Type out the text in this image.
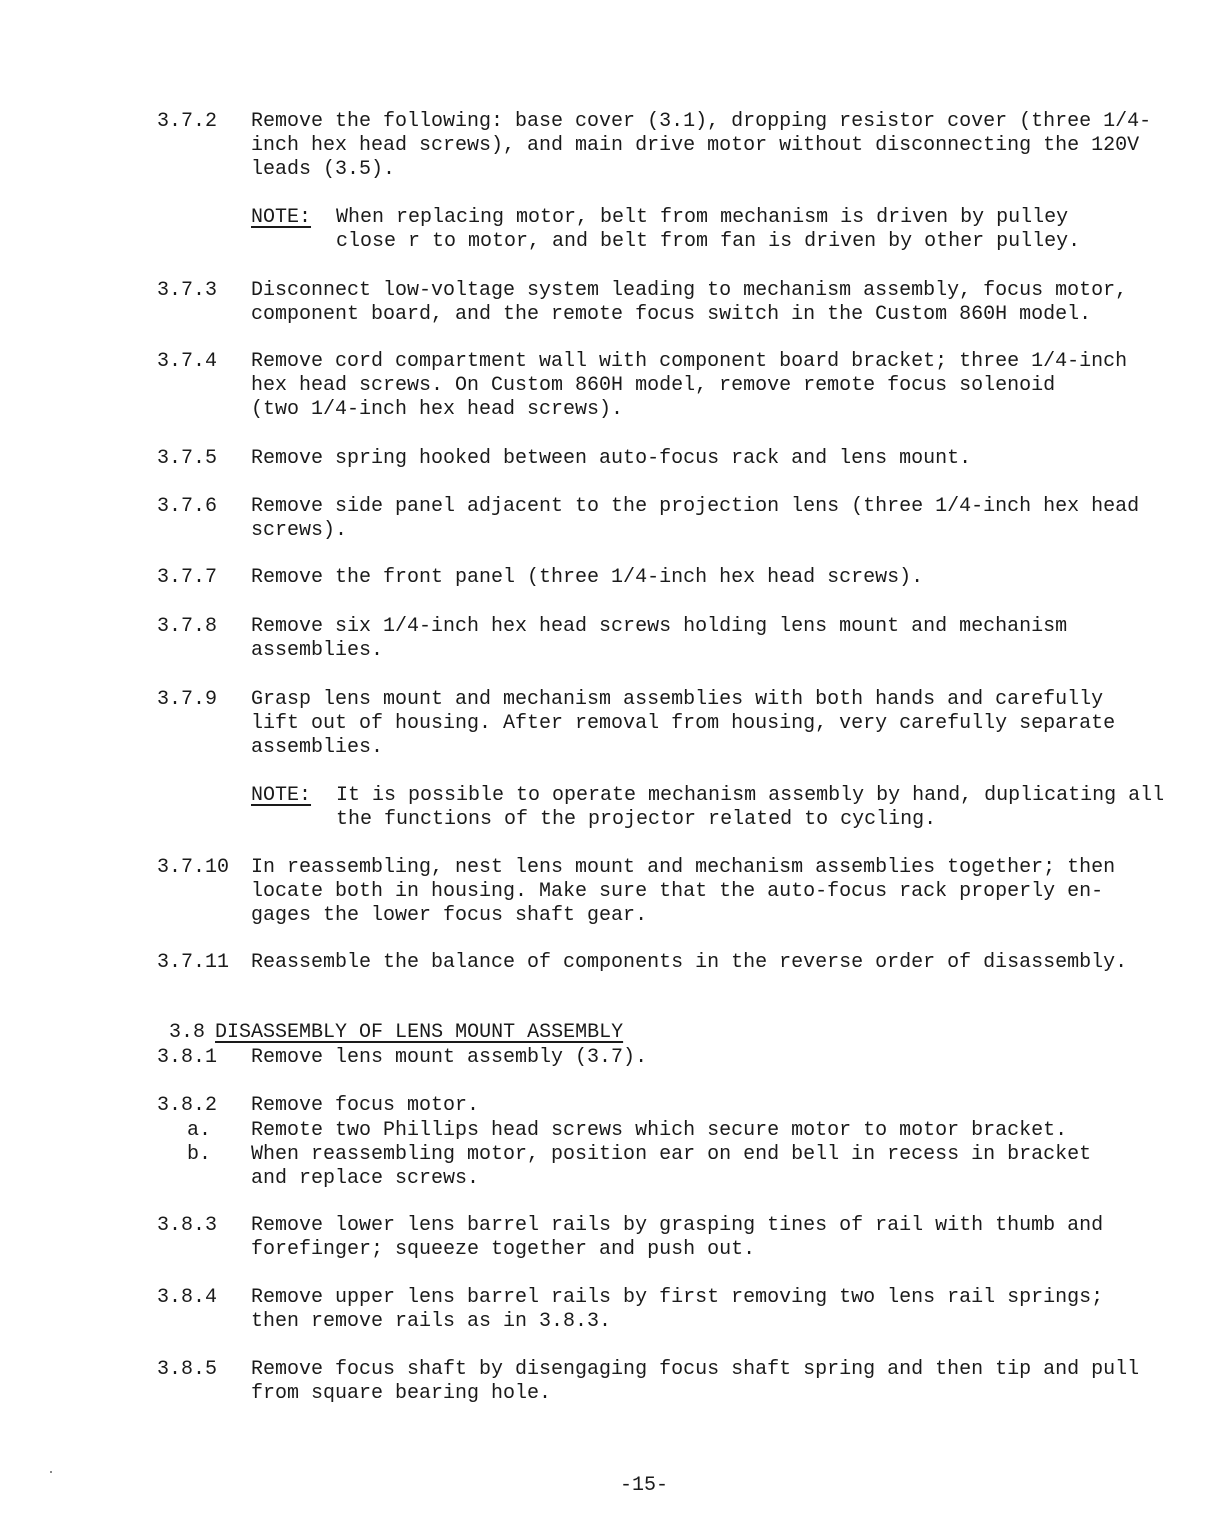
3.7.2 Remove the following: base cover (3.1), dropping resistor cover (three 1/4-
inch hex head screws), and main drive motor without disconnecting the 120V
leads (3.5).
NOTE: When replacing motor, belt from mechanism is driven by pulley
close r to motor, and belt from fan is driven by other pulley.
3.7.3 Disconnect low-voltage system leading to mechanism assembly, focus motor,
component board, and the remote focus switch in the Custom 860H model.
3.7.4 Remove cord compartment wall with component board bracket; three 1/4-inch
hex head screws. On Custom 860H model, remove remote focus solenoid
(two 1/4-inch hex head screws).
3.7.5 Remove spring hooked between auto-focus rack and lens mount.
3.7.6 Remove side panel adjacent to the projection lens (three 1/4-inch hex head
screws).
3.7.7 Remove the front panel (three 1/4-inch hex head screws).
3.7.8 Remove six 1/4-inch hex head screws holding lens mount and mechanism
assemblies.
3.7.9 Grasp lens mount and mechanism assemblies with both hands and carefully
lift out of housing. After removal from housing, very carefully separate
assemblies.
NOTE: It is possible to operate mechanism assembly by hand, duplicating all
the functions of the projector related to cycling.
3.7.10 In reassembling, nest lens mount and mechanism assemblies together; then
locate both in housing. Make sure that the auto-focus rack properly en-
gages the lower focus shaft gear.
3.7.11 Reassemble the balance of components in the reverse order of disassembly.

3.8 DISASSEMBLY OF LENS MOUNT ASSEMBLY

3.8.1 Remove lens mount assembly (3.7).
3.8.2 Remove focus motor.
a. Remote two Phillips head screws which secure motor to motor bracket.
b. When reassembling motor, position ear on end bell in recess in bracket
and replace screws.
3.8.3 Remove lower lens barrel rails by grasping tines of rail with thumb and
forefinger; squeeze together and push out.
3.8.4 Remove upper lens barrel rails by first removing two lens rail springs;
then remove rails as in 3.8.3.
3.8.5 Remove focus shaft by disengaging focus shaft spring and then tip and pull
from square bearing hole.
-15-
